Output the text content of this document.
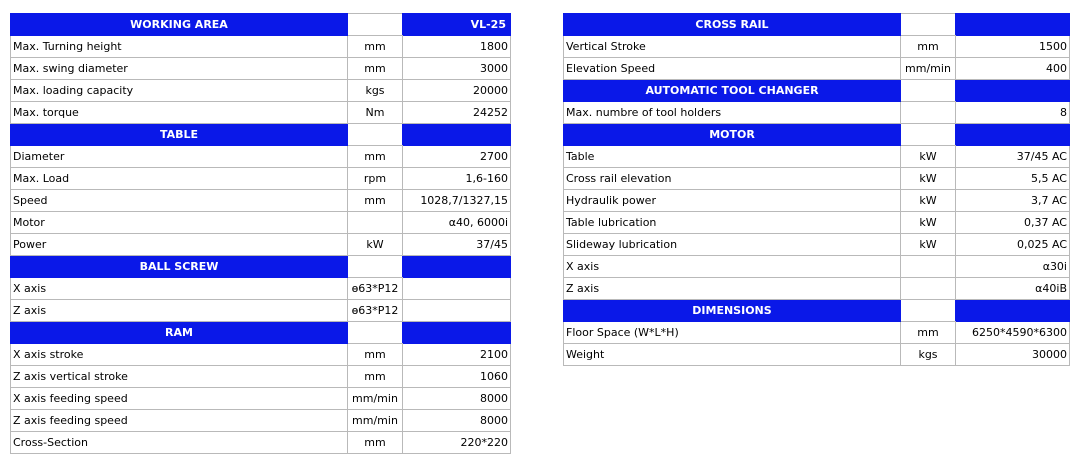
WORKING AREA		VL-25
Max. Turning height	mm	1800
Max. swing diameter	mm	3000
Max. loading capacity	kgs	20000
Max. torque	Nm	24252
TABLE		
Diameter	mm	2700
Max. Load	rpm	1,6-160
Speed	mm	1028,7/1327,15
Motor		α40, 6000i
Power	kW	37/45
BALL SCREW		
X axis	ѳ63*P12	
Z axis	ѳ63*P12	
RAM		
X axis stroke	mm	2100
Z axis vertical stroke	mm	1060
X axis feeding speed	mm/min	8000
Z axis feeding speed	mm/min	8000
Cross-Section	mm	220*220
CROSS RAIL		
Vertical Stroke	mm	1500
Elevation Speed	mm/min	400
AUTOMATIC TOOL CHANGER		
Max. numbre of tool holders		8
MOTOR		
Table	kW	37/45 AC
Cross rail elevation	kW	5,5 AC
Hydraulik power	kW	3,7 AC
Table lubrication	kW	0,37 AC
Slideway lubrication	kW	0,025 AC
X axis		α30i
Z axis		α40iB
DIMENSIONS		
Floor Space (W*L*H)	mm	6250*4590*6300
Weight	kgs	30000
